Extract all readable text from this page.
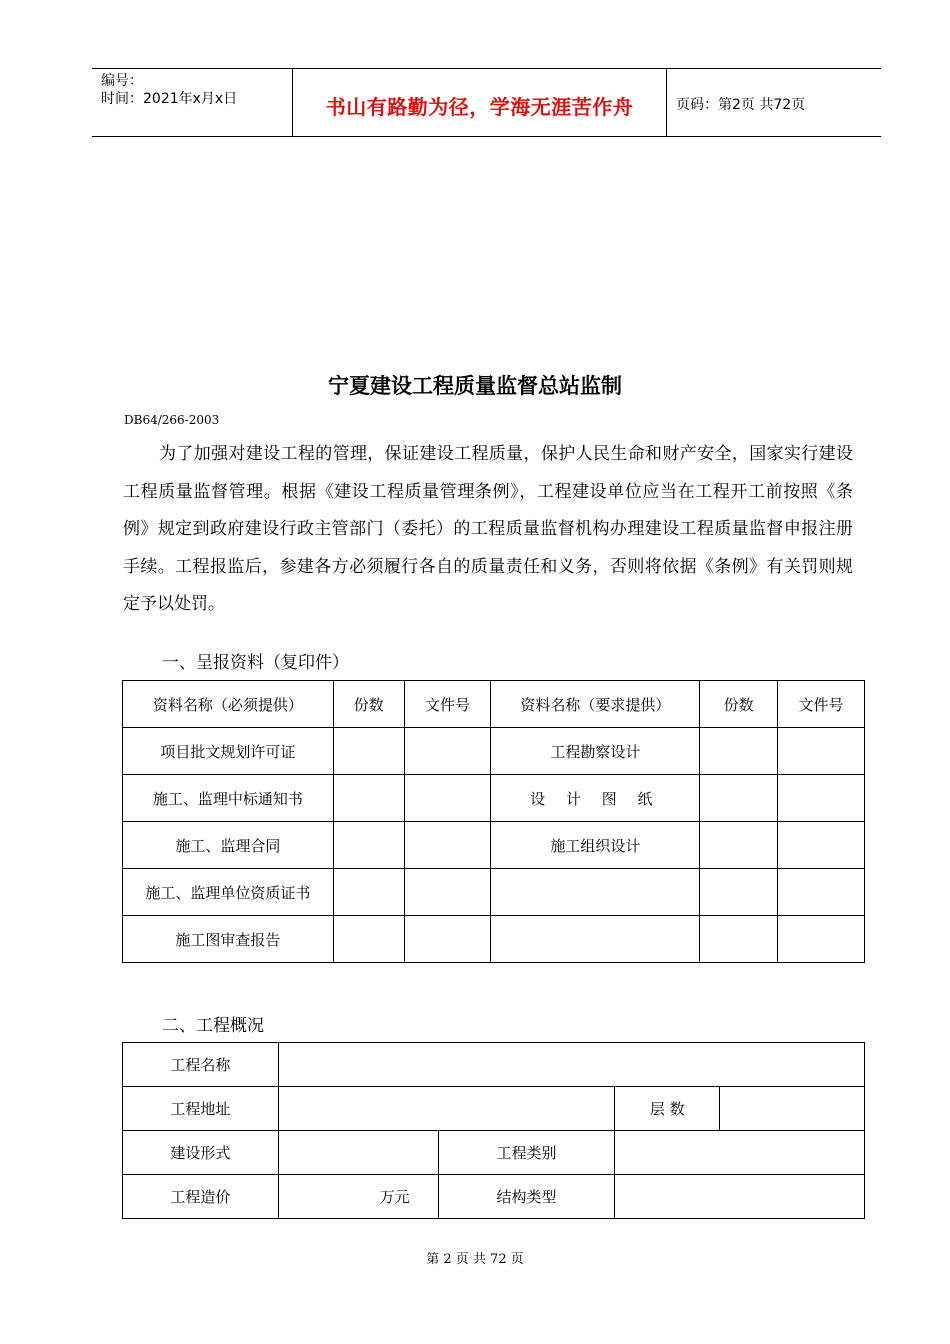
编号：
时间：2021年x月x日	书山有路勤为径，学海无涯苦作舟	页码：第2页 共72页
宁夏建设工程质量监督总站监制
DB64/266-2003
为了加强对建设工程的管理，保证建设工程质量，保护人民生命和财产安全，国家实行建设工程质量监督管理。根据《建设工程质量管理条例》，工程建设单位应当在工程开工前按照《条例》规定到政府建设行政主管部门（委托）的工程质量监督机构办理建设工程质量监督申报注册手续。工程报监后，参建各方必须履行各自的质量责任和义务，否则将依据《条例》有关罚则规定予以处罚。
一、呈报资料（复印件）
资料名称（必须提供）	份数	文件号	资料名称（要求提供）	份数	文件号
项目批文规划许可证			工程勘察设计		
施工、监理中标通知书			设 计 图 纸		
施工、监理合同			施工组织设计		
施工、监理单位资质证书					
施工图审查报告					
二、工程概况
工程名称				
工程地址			层 数	
建设形式		工程类别		
工程造价	万元	结构类型		
第 2 页 共 72 页
